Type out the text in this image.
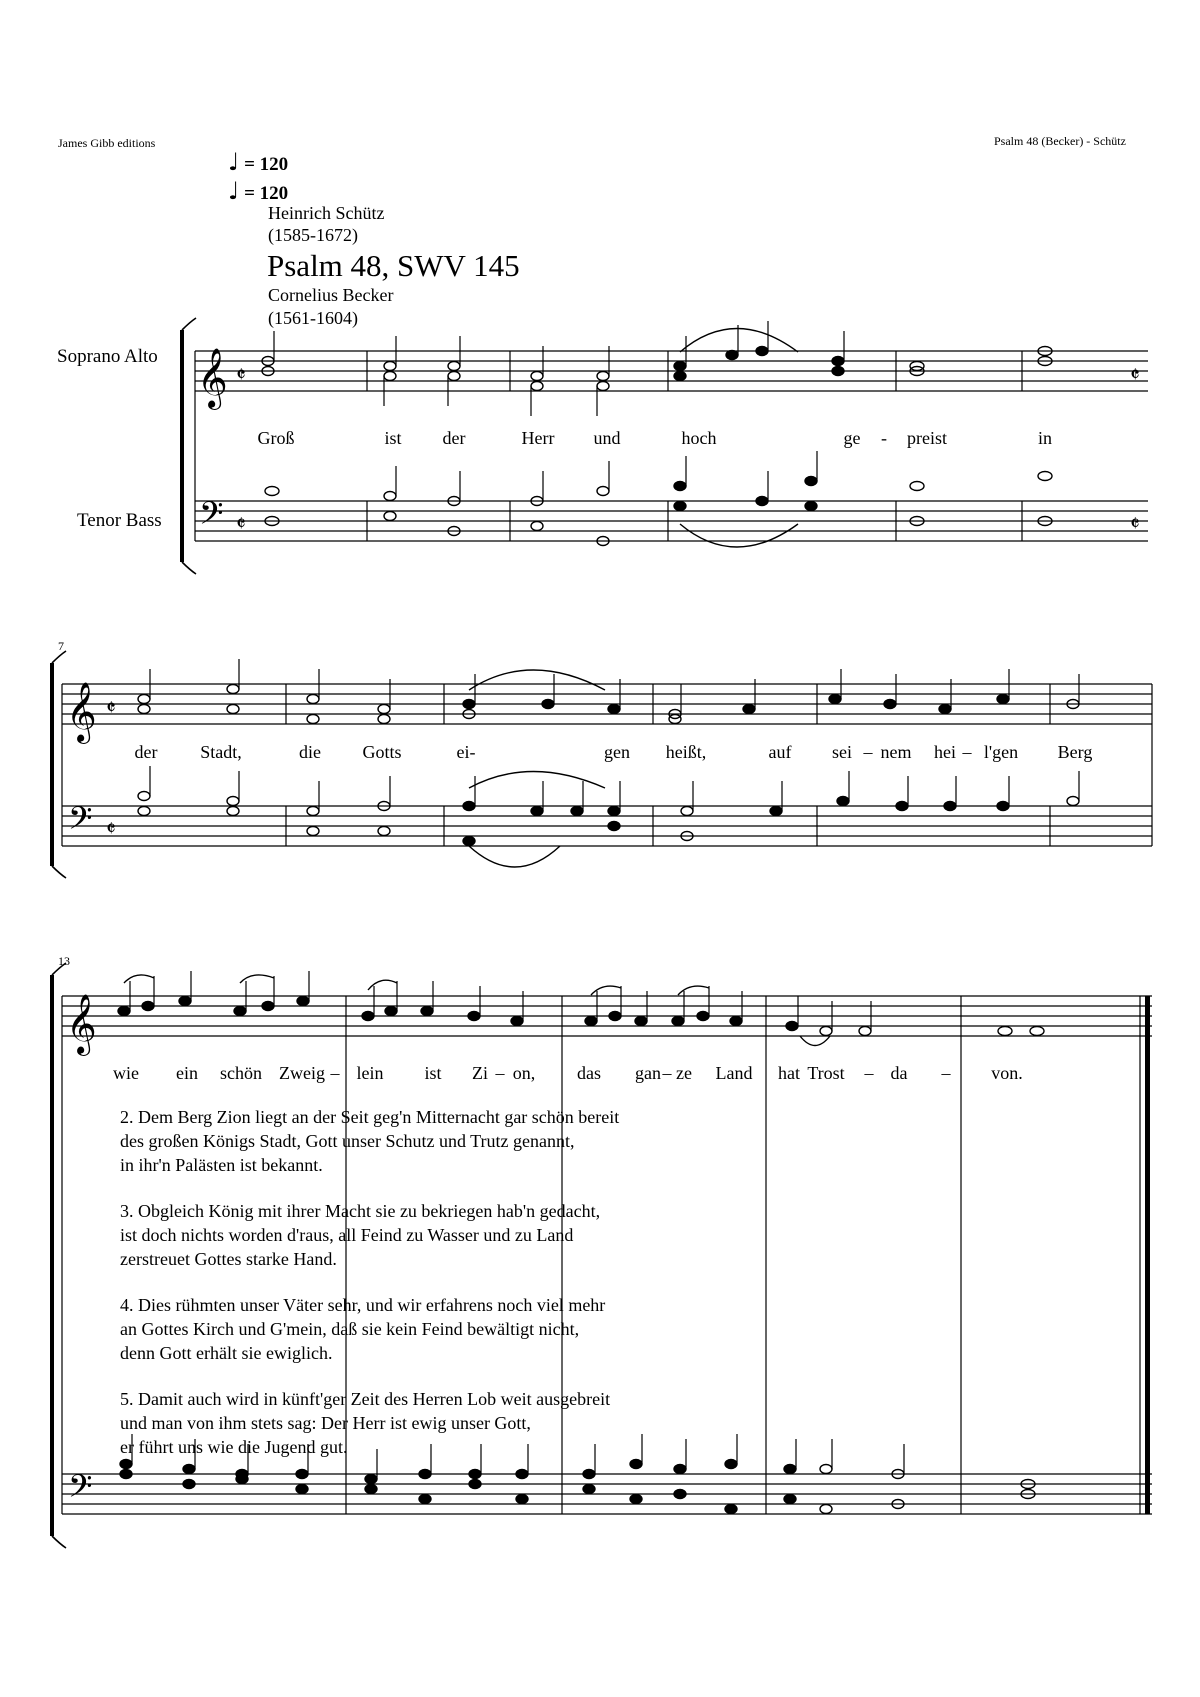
James Gibb editions	Psalm 48 (Becker) - Schütz
♩ = 120
♩ = 120
Heinrich Schütz
(1585-1672)
Psalm 48, SWV 145
Cornelius Becker
(1561-1604)
Soprano Alto
Tenor Bass
7
13
𝄞
𝄢
𝄵
𝄵
𝄵
𝄵
𝄞
𝄢
𝄵
𝄵
𝄞
𝄢
Groß	ist der	Herr und	hoch	ge - preist	in
der Stadt,	die Gotts	ei-	gen heißt,	auf sei – nem hei – l'gen Berg
wie ein schön Zweig – lein ist Zi – on, das gan – ze Land hat Trost – da – von.
2. Dem Berg Zion liegt an der Seit geg'n Mitternacht gar schön bereit
des großen Königs Stadt, Gott unser Schutz und Trutz genannt,
in ihr'n Palästen ist bekannt.
3. Obgleich König mit ihrer Macht sie zu bekriegen hab'n gedacht,
ist doch nichts worden d'raus, all Feind zu Wasser und zu Land
zerstreuet Gottes starke Hand.
4. Dies rühmten unser Väter sehr, und wir erfahrens noch viel mehr
an Gottes Kirch und G'mein, daß sie kein Feind bewältigt nicht,
denn Gott erhält sie ewiglich.
5. Damit auch wird in künft'ger Zeit des Herren Lob weit ausgebreit
und man von ihm stets sag: Der Herr ist ewig unser Gott,
er führt uns wie die Jugend gut.
